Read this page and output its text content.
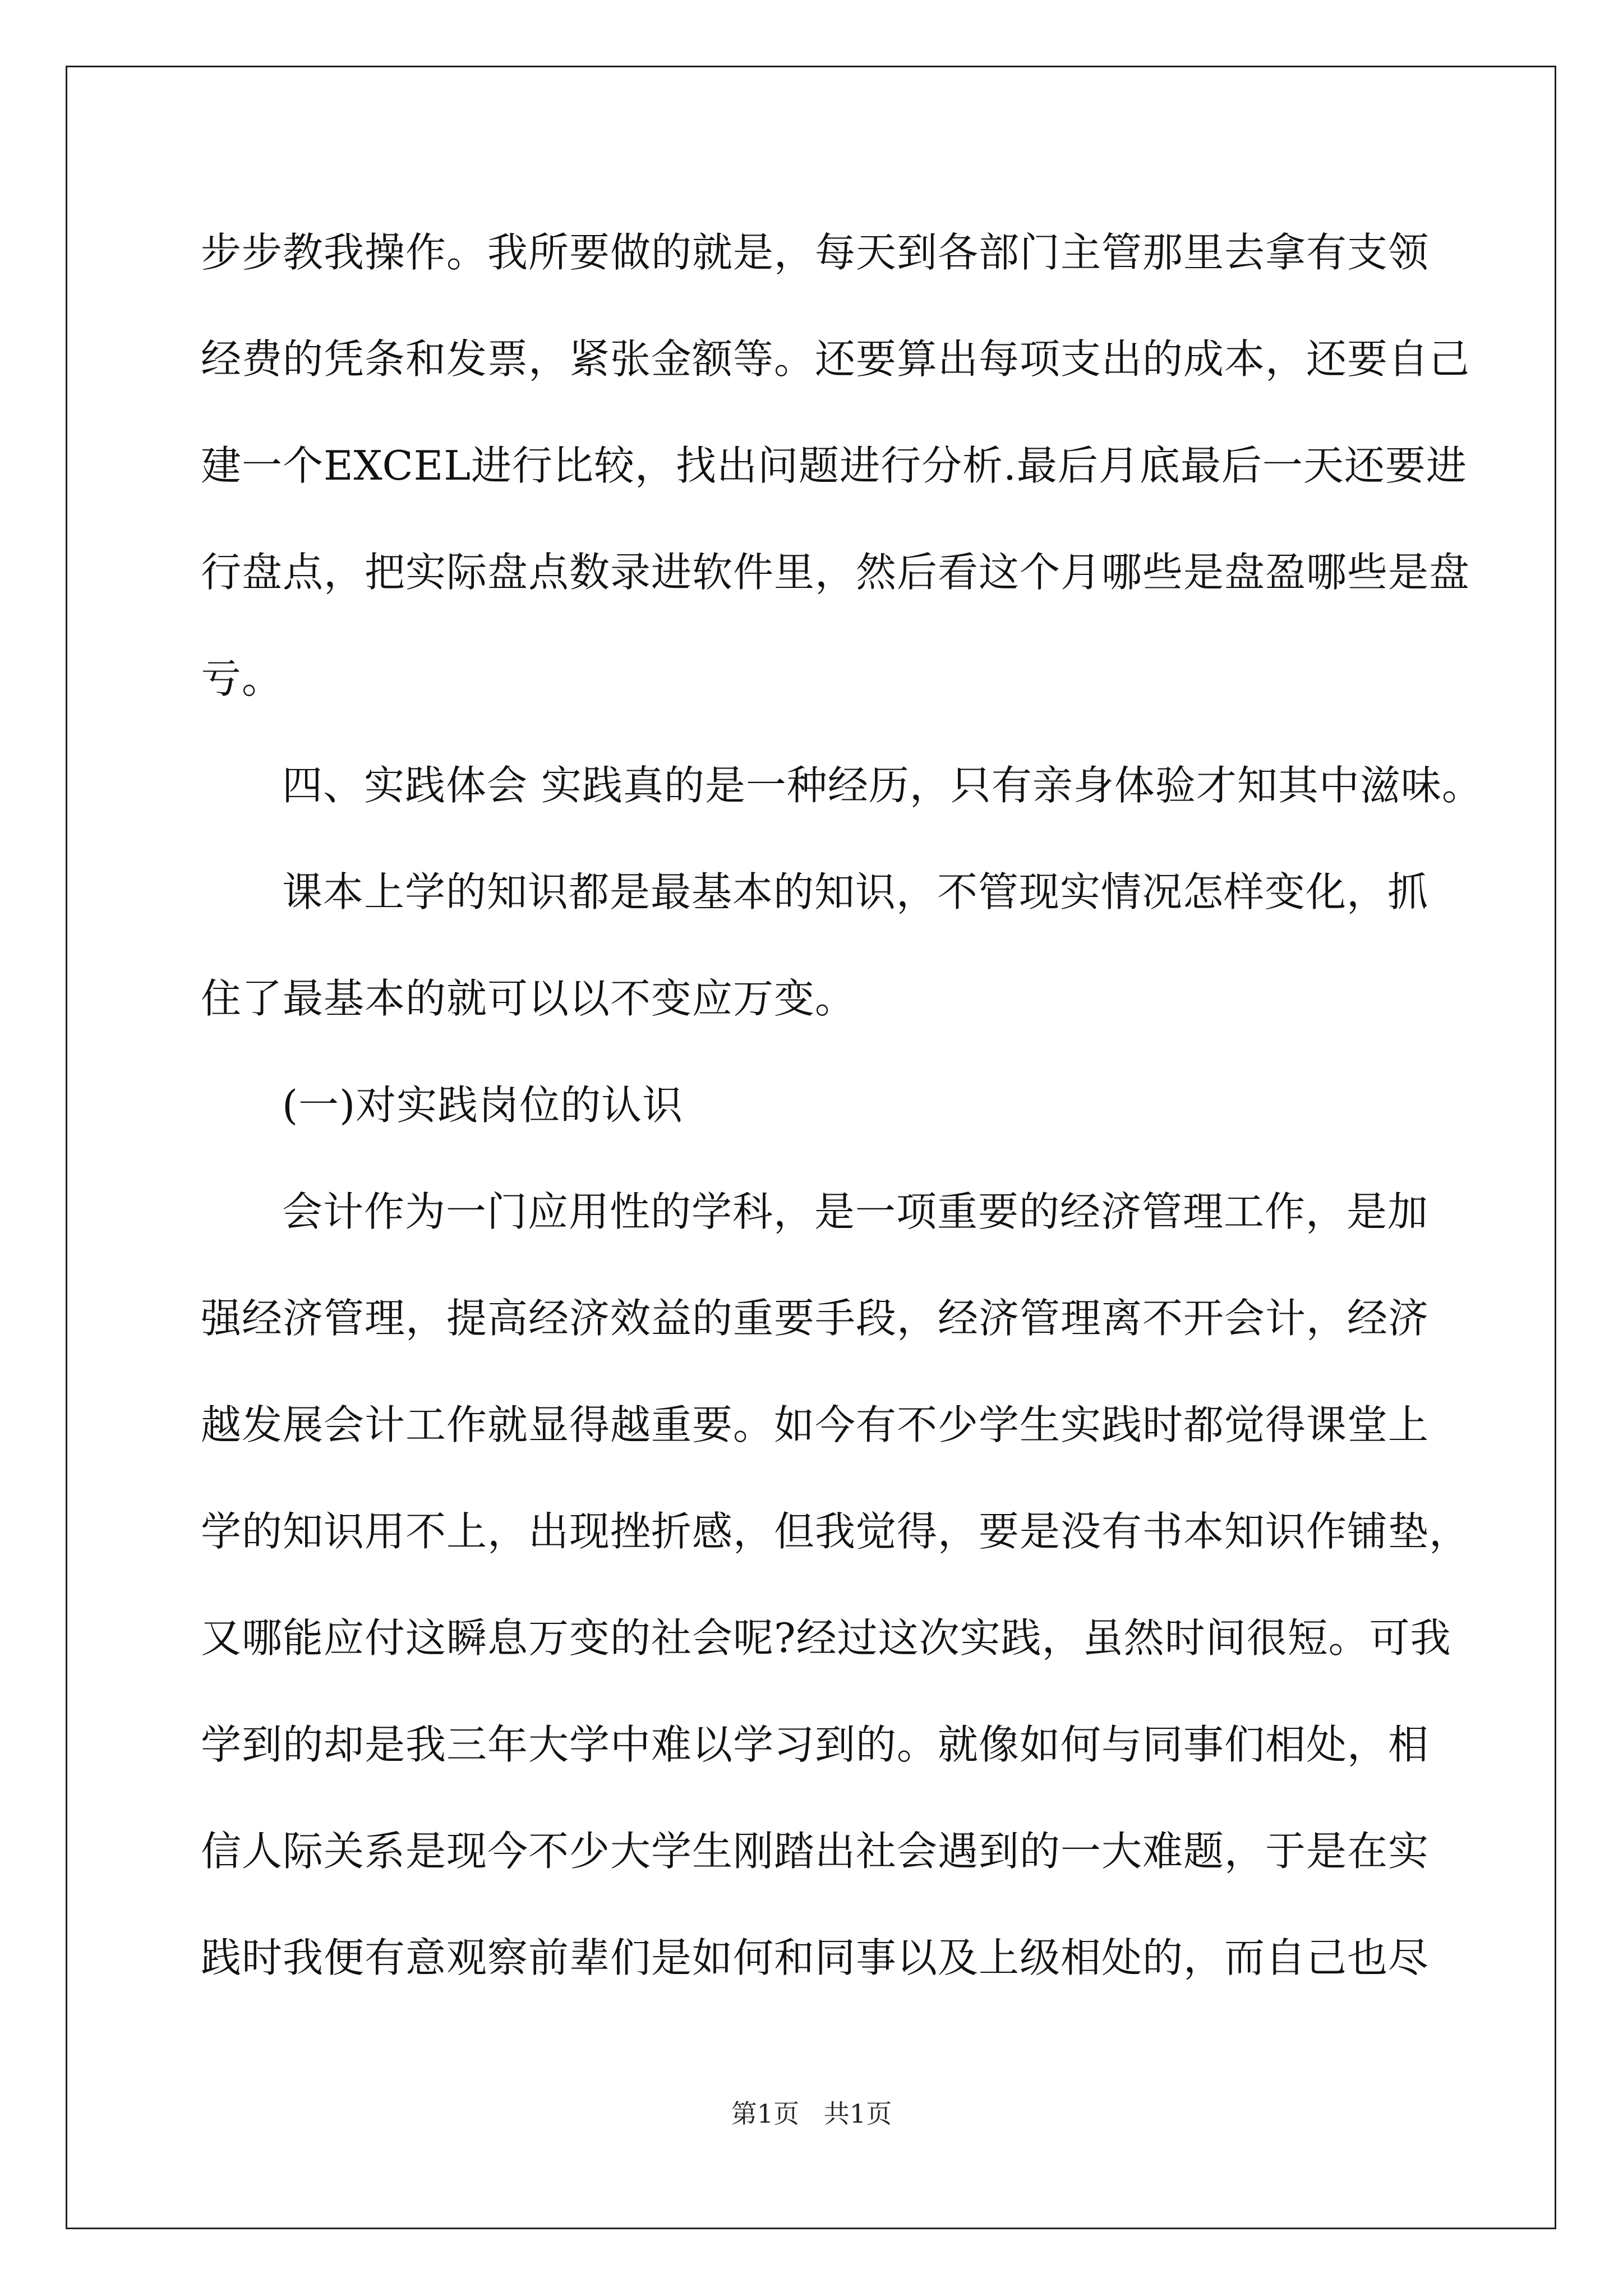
步步教我操作。我所要做的就是，每天到各部门主管那里去拿有支领
经费的凭条和发票，紧张金额等。还要算出每项支出的成本，还要自己
建一个EXCEL进行比较，找出问题进行分析.最后月底最后一天还要进
行盘点，把实际盘点数录进软件里，然后看这个月哪些是盘盈哪些是盘
亏。
四、实践体会 实践真的是一种经历，只有亲身体验才知其中滋味。
课本上学的知识都是最基本的知识，不管现实情况怎样变化，抓
住了最基本的就可以以不变应万变。
(一)对实践岗位的认识
会计作为一门应用性的学科，是一项重要的经济管理工作，是加
强经济管理，提高经济效益的重要手段，经济管理离不开会计，经济
越发展会计工作就显得越重要。如今有不少学生实践时都觉得课堂上
学的知识用不上，出现挫折感，但我觉得，要是没有书本知识作铺垫，
又哪能应付这瞬息万变的社会呢?经过这次实践，虽然时间很短。可我
学到的却是我三年大学中难以学习到的。就像如何与同事们相处，相
信人际关系是现今不少大学生刚踏出社会遇到的一大难题，于是在实
践时我便有意观察前辈们是如何和同事以及上级相处的，而自己也尽
第1页   共1页
